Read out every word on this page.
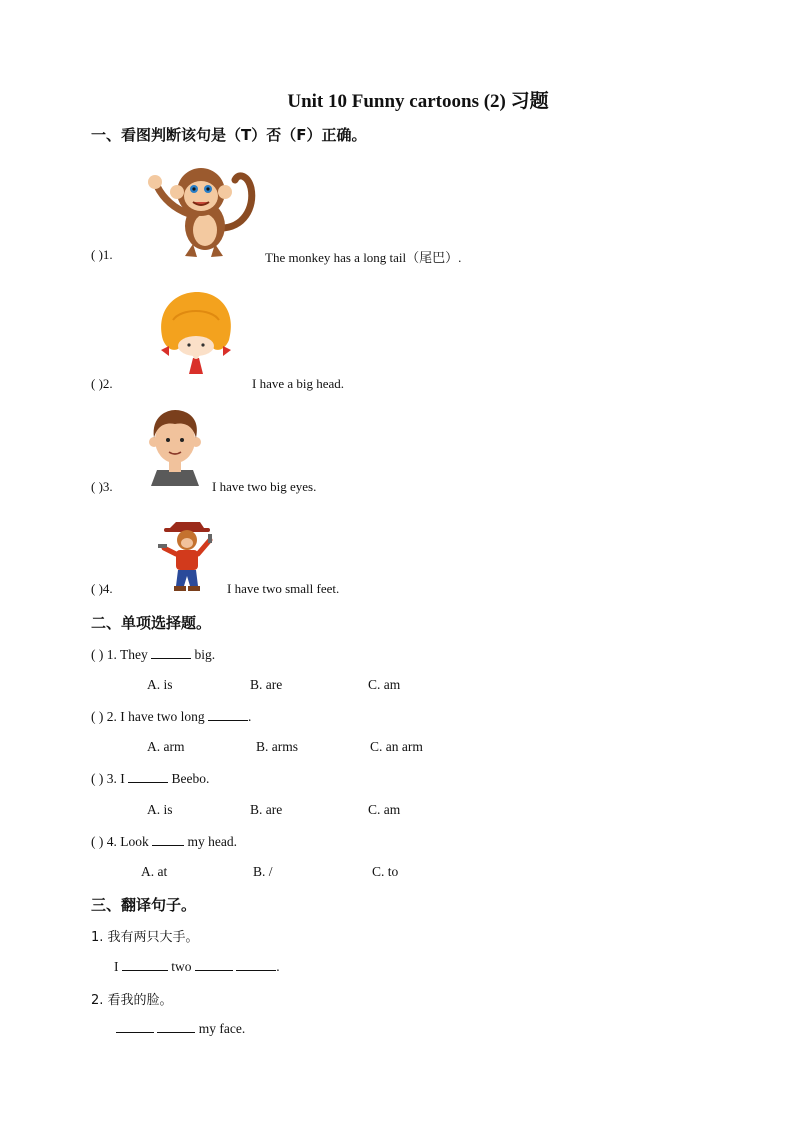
Unit 10 Funny cartoons (2) 习题
一、看图判断该句是（T）否（F）正确。
( )1.	The monkey has a long tail（尾巴）.
( )2.	I have a big head.
( )3.	I have two big eyes.
( )4.	I have two small feet.
二、单项选择题。
( ) 1. They	big.
A. is	B. are	C. am
( ) 2. I have two long	.
A. arm	B. arms	C. an arm
( ) 3. I	Beebo.
A. is	B. are	C. am
( ) 4. Look	my head.
A. at	B. /	C. to
三、翻译句子。
1. 我有两只大手。
I	two	.
2. 看我的脸。
my face.
